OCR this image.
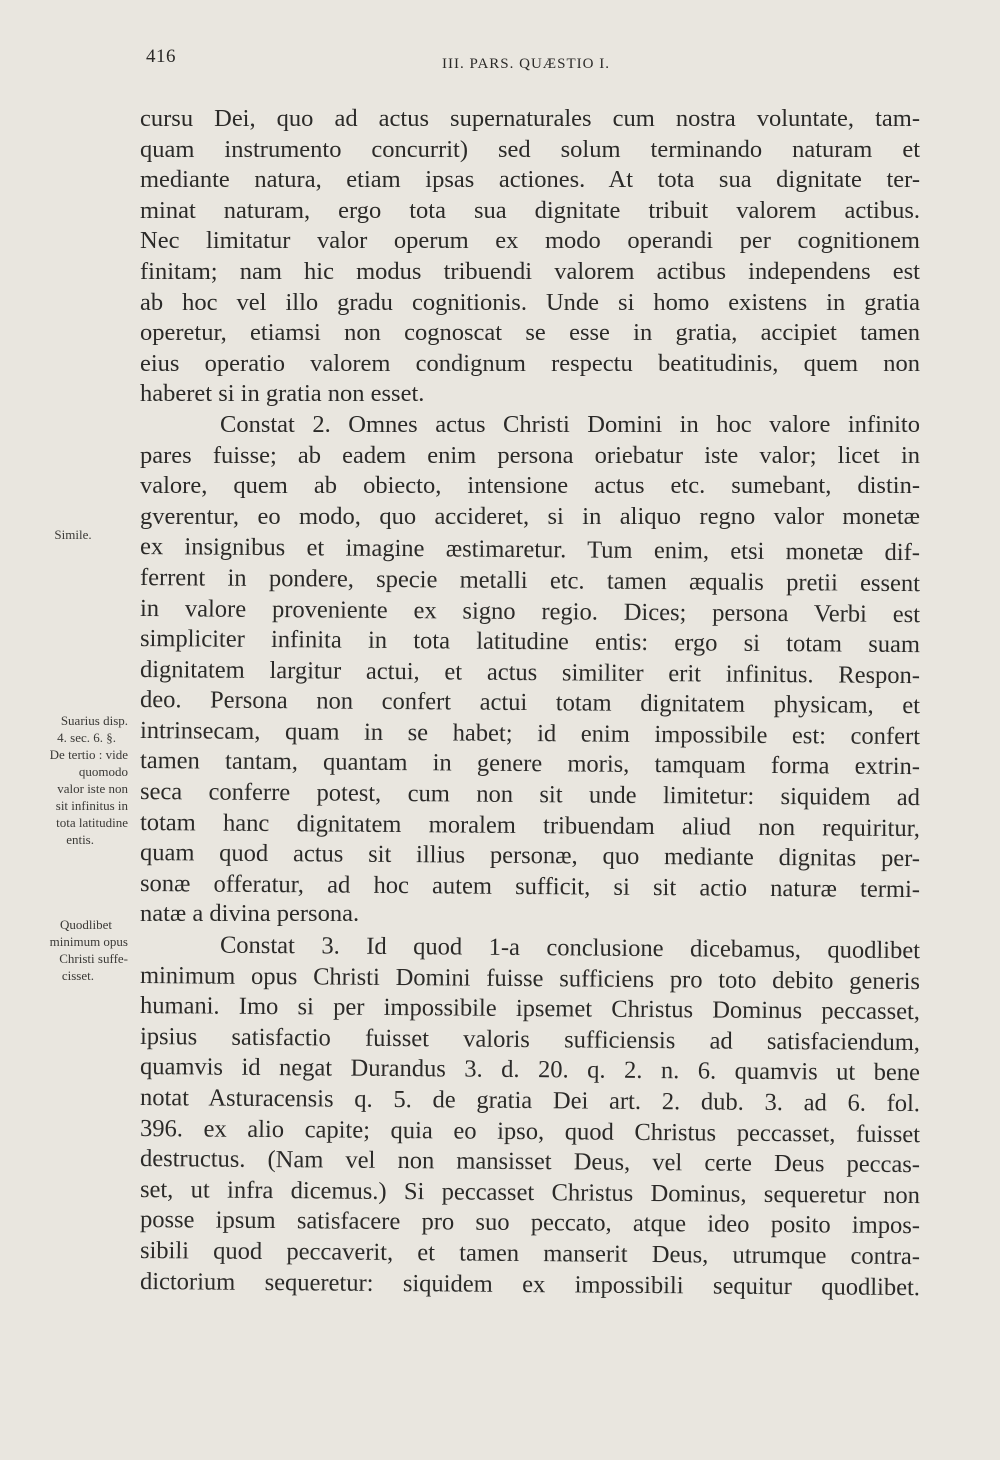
416	III. PARS. QUÆSTIO I.
Simile.
Suarius disp.
4. sec. 6. §.
De tertio : vide
quomodo
valor iste non
sit infinitus in
tota latitudine
entis.
Quodlibet
minimum opus
Christi suffe-
cisset.
cursu Dei, quo ad actus supernaturales cum nostra voluntate, tam-
quam instrumento concurrit) sed solum terminando naturam et
mediante natura, etiam ipsas actiones. At tota sua dignitate ter-
minat naturam, ergo tota sua dignitate tribuit valorem actibus.
Nec limitatur valor operum ex modo operandi per cognitionem
finitam; nam hic modus tribuendi valorem actibus independens est
ab hoc vel illo gradu cognitionis. Unde si homo existens in gratia
operetur, etiamsi non cognoscat se esse in gratia, accipiet tamen
eius operatio valorem condignum respectu beatitudinis, quem non
haberet si in gratia non esset.
Constat 2. Omnes actus Christi Domini in hoc valore infinito
pares fuisse; ab eadem enim persona oriebatur iste valor; licet in
valore, quem ab obiecto, intensione actus etc. sumebant, distin-
gverentur, eo modo, quo accideret, si in aliquo regno valor monetæ
ex insignibus et imagine æstimaretur. Tum enim, etsi monetæ dif-
ferrent in pondere, specie metalli etc. tamen æqualis pretii essent
in valore proveniente ex signo regio. Dices; persona Verbi est
simpliciter infinita in tota latitudine entis: ergo si totam suam
dignitatem largitur actui, et actus similiter erit infinitus. Respon-
deo. Persona non confert actui totam dignitatem physicam, et
intrinsecam, quam in se habet; id enim impossibile est: confert
tamen tantam, quantam in genere moris, tamquam forma extrin-
seca conferre potest, cum non sit unde limitetur: siquidem ad
totam hanc dignitatem moralem tribuendam aliud non requiritur,
quam quod actus sit illius personæ, quo mediante dignitas per-
sonæ offeratur, ad hoc autem sufficit, si sit actio naturæ termi-
natæ a divina persona.
Constat 3. Id quod 1-a conclusione dicebamus, quodlibet
minimum opus Christi Domini fuisse sufficiens pro toto debito generis
humani. Imo si per impossibile ipsemet Christus Dominus peccasset,
ipsius satisfactio fuisset valoris sufficiensis ad satisfaciendum,
quamvis id negat Durandus 3. d. 20. q. 2. n. 6. quamvis ut bene
notat Asturacensis q. 5. de gratia Dei art. 2. dub. 3. ad 6. fol.
396. ex alio capite; quia eo ipso, quod Christus peccasset, fuisset
destructus. (Nam vel non mansisset Deus, vel certe Deus peccas-
set, ut infra dicemus.) Si peccasset Christus Dominus, sequeretur non
posse ipsum satisfacere pro suo peccato, atque ideo posito impos-
sibili quod peccaverit, et tamen manserit Deus, utrumque contra-
dictorium sequeretur: siquidem ex impossibili sequitur quodlibet.
